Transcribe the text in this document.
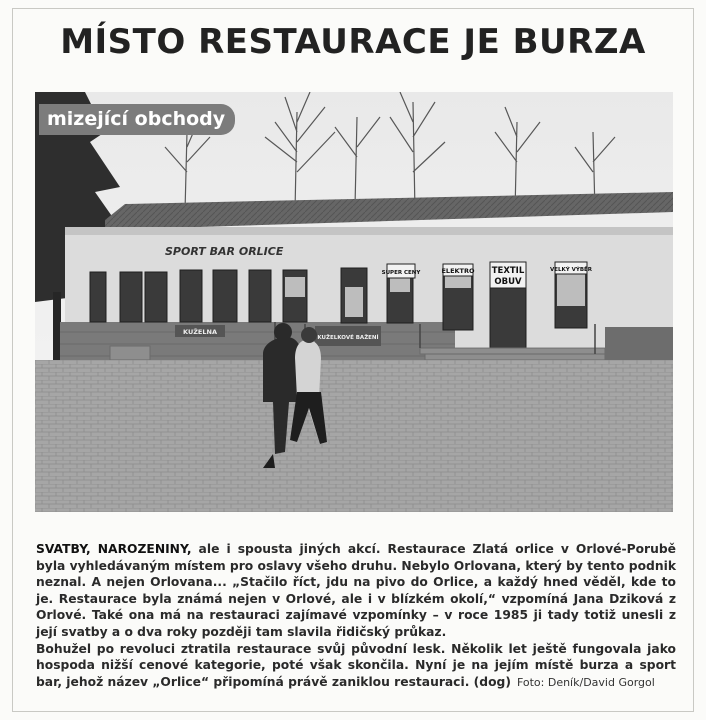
MÍSTO RESTAURACE JE BURZA
SPORT BAR ORLICE
SUPER CENY	ELEKTRO TEXTIL
OBUV
VELKÝ VÝBĚR
KUŽELNA
KUŽELKOVÉ BAŽENÍ
mizející obchody

SVATBY, NAROZENINY, ale i spousta jiných akcí. Restaurace Zlatá orlice v Orlové-Porubě byla vyhledávaným místem pro oslavy všeho druhu. Nebylo Orlovana, který by tento podnik neznal. A nejen Orlovana... „Stačilo říct, jdu na pivo do Orlice, a každý hned věděl, kde to je. Restaurace byla známá nejen v Orlové, ale i v blízkém okolí,“ vzpomíná Jana Dziková z Orlové. Také ona má na restauraci zajímavé vzpomínky – v roce 1985 ji tady totiž unesli z její svatby a o dva roky později tam slavila řidičský průkaz.

Bohužel po revoluci ztratila restaurace svůj původní lesk. Několik let ještě fungovala jako hospoda nižší cenové kategorie, poté však skončila. Nyní je na jejím místě burza a sport bar, jehož název „Orlice“ připomíná právě zaniklou restauraci. (dog) Foto: Deník/David Gorgol
